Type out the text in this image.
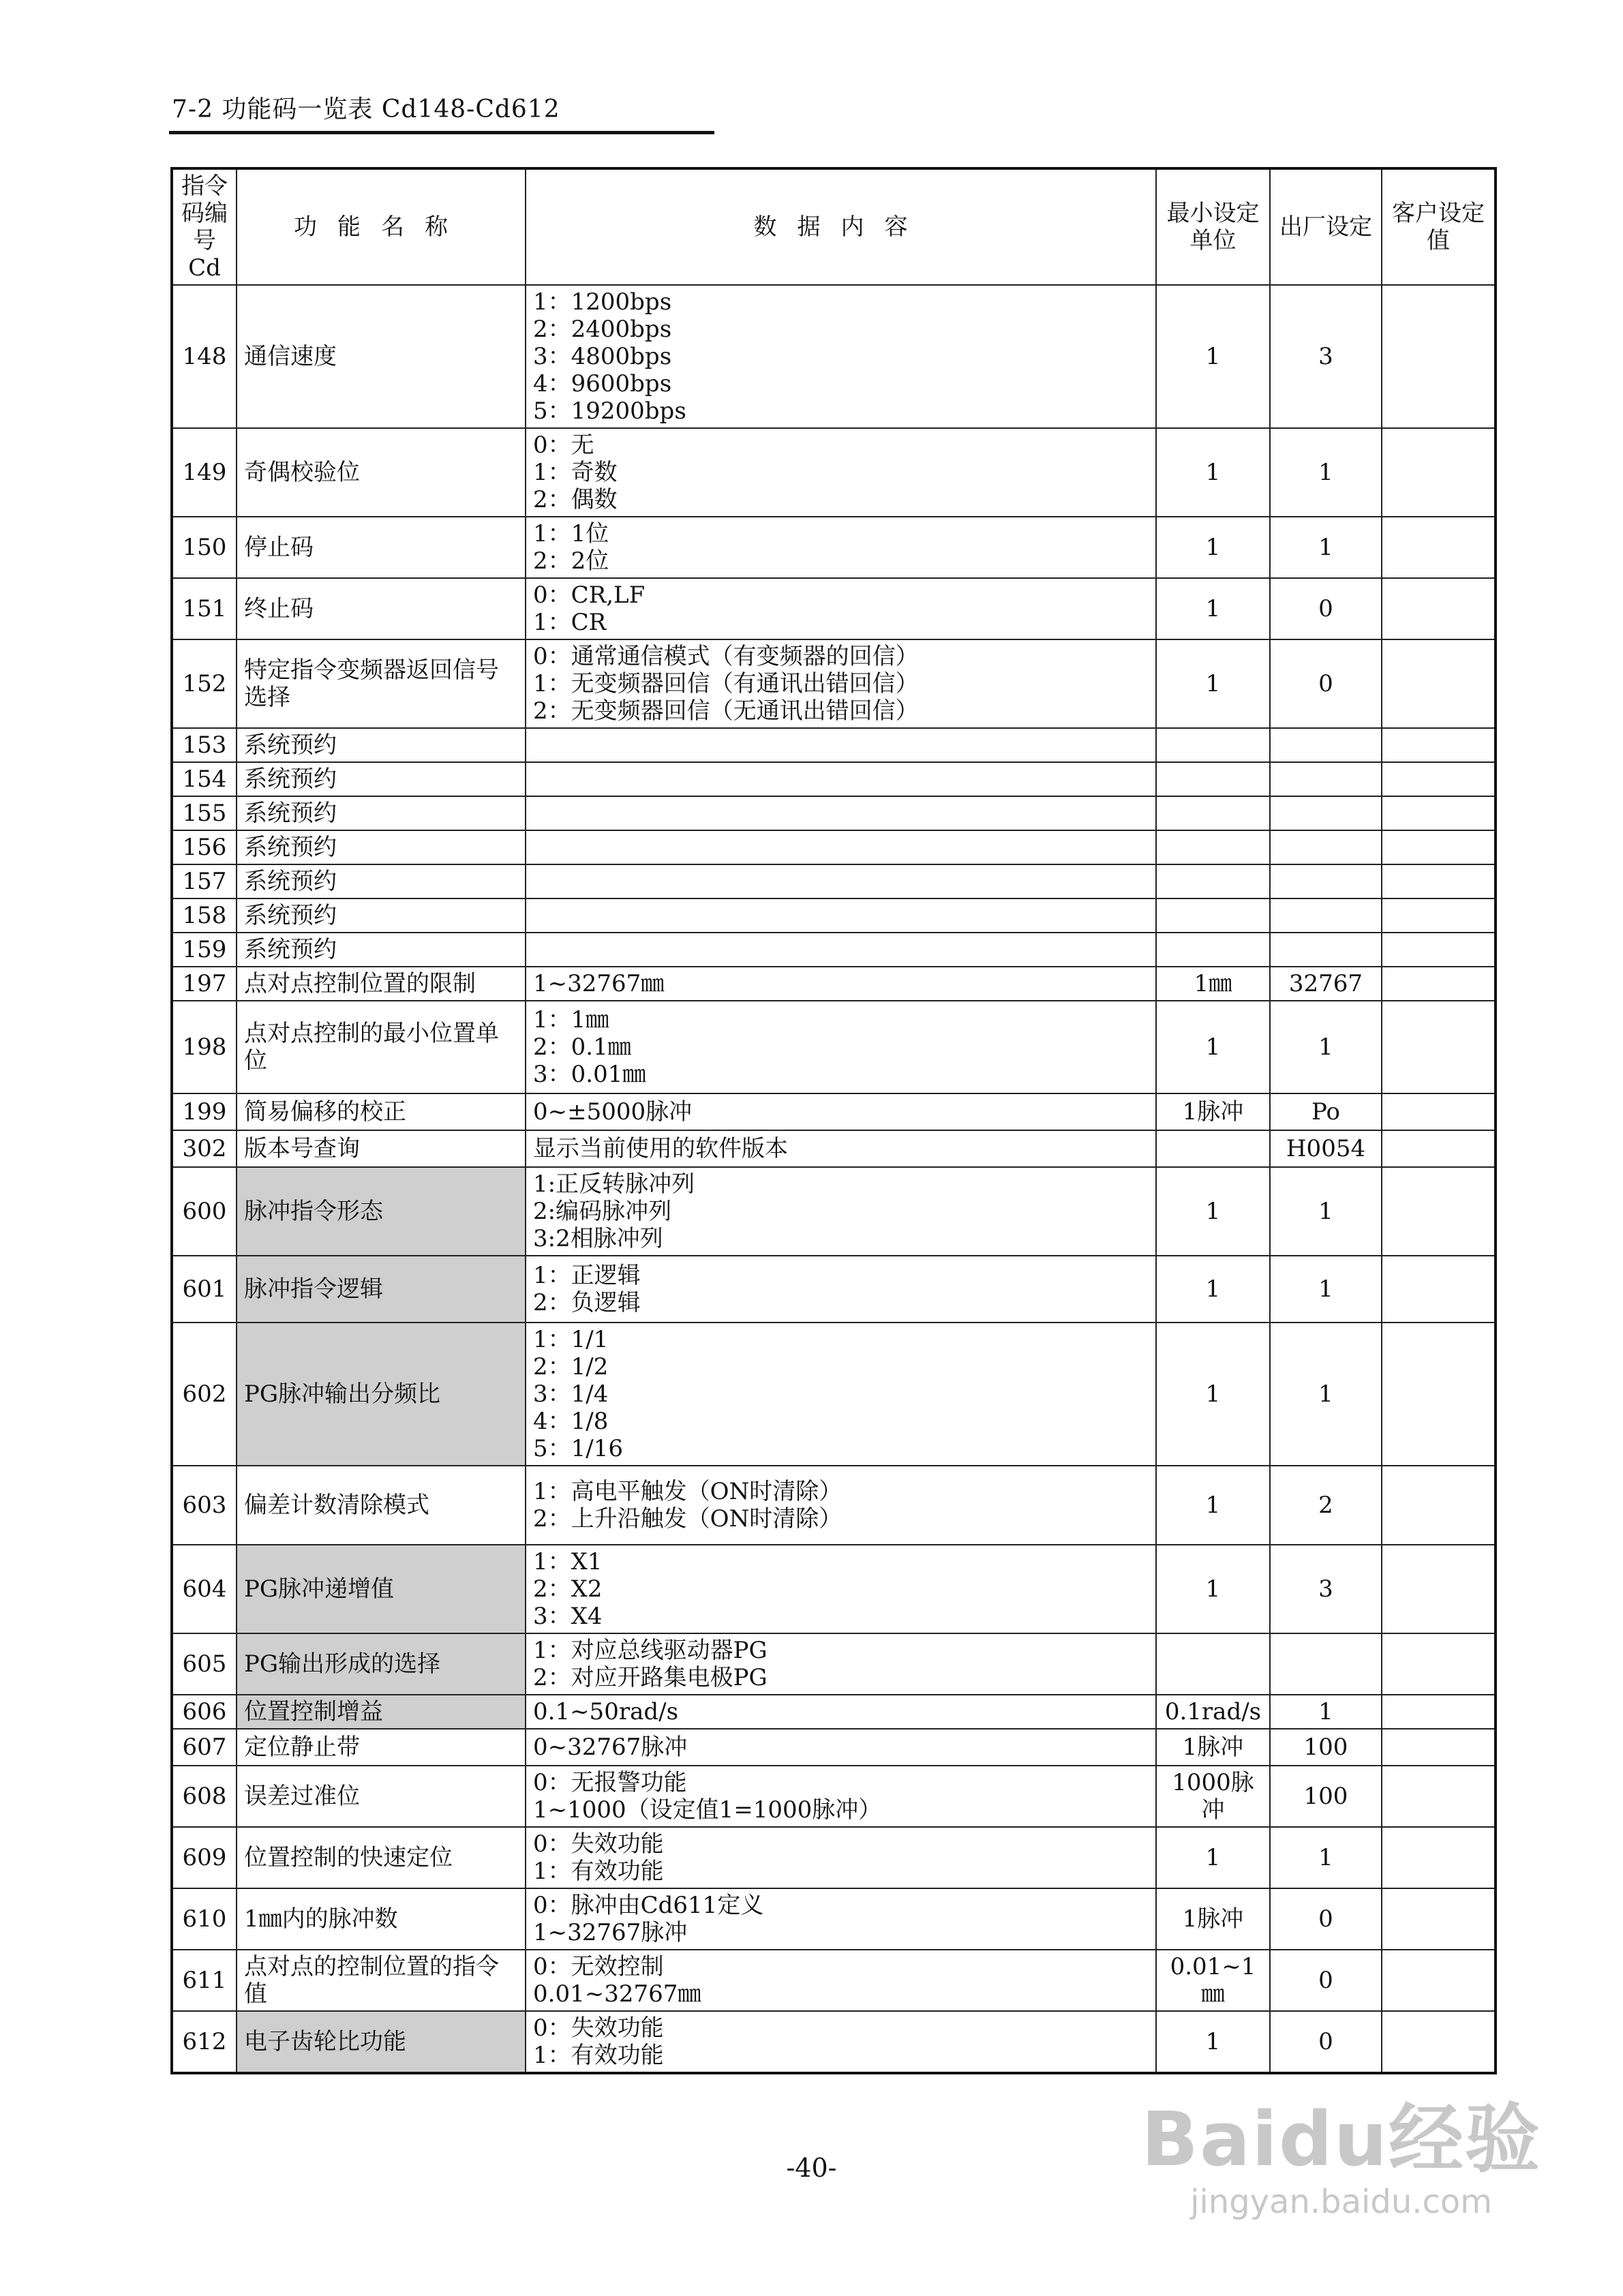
7-2 功能码一览表 Cd148-Cd612
指令码编号Cd	功能名称	数据内容	最小设定单位	出厂设定	客户设定值
148	通信速度	1：1200bps
2：2400bps
3：4800bps
4：9600bps
5：19200bps	1	3	
149	奇偶校验位	0：无
1：奇数
2：偶数	1	1	
150	停止码	1：1位
2：2位	1	1	
151	终止码	0：CR,LF
1：CR	1	0	
152	特定指令变频器返回信号选择	0：通常通信模式（有变频器的回信）
1：无变频器回信（有通讯出错回信）
2：无变频器回信（无通讯出错回信）	1	0	
153	系统预约				
154	系统预约				
155	系统预约				
156	系统预约				
157	系统预约				
158	系统预约				
159	系统预约				
197	点对点控制位置的限制	1~32767㎜	1㎜	32767	
198	点对点控制的最小位置单位	1：1㎜
2：0.1㎜
3：0.01㎜	1	1	
199	简易偏移的校正	0~±5000脉冲	1脉冲	Po	
302	版本号查询	显示当前使用的软件版本		H0054	
600	脉冲指令形态	1:正反转脉冲列
2:编码脉冲列
3:2相脉冲列	1	1	
601	脉冲指令逻辑	1：正逻辑
2：负逻辑	1	1	
602	PG脉冲输出分频比	1：1/1
2：1/2
3：1/4
4：1/8
5：1/16	1	1	
603	偏差计数清除模式	1：高电平触发（ON时清除）
2：上升沿触发（ON时清除）	1	2	
604	PG脉冲递增值	1：X1
2：X2
3：X4	1	3	
605	PG输出形成的选择	1：对应总线驱动器PG
2：对应开路集电极PG			

606	位置控制增益	0.1~50rad/s	0.1rad/s	1	
607	定位静止带	0~32767脉冲	1脉冲	100	
608	误差过准位	0：无报警功能
1~1000（设定值1=1000脉冲）	1000脉冲	100	
609	位置控制的快速定位	0：失效功能
1：有效功能	1	1	
610	1㎜内的脉冲数	0：脉冲由Cd611定义
1~32767脉冲	1脉冲	0	
611	点对点的控制位置的指令值	0：无效控制
0.01~32767㎜	0.01~1㎜	0	
612	电子齿轮比功能	0：失效功能
1：有效功能	1	0	
-40-	Baidu经验
jingyan.baidu.com
